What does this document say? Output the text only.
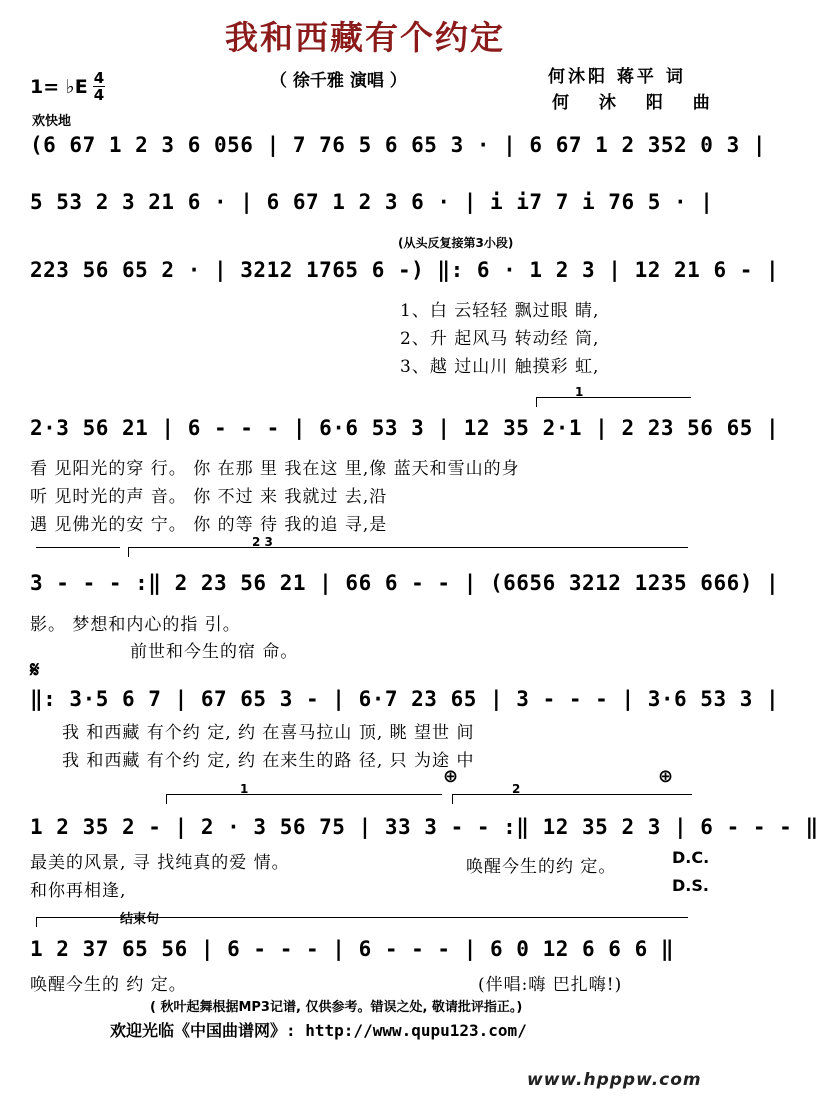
我和西藏有个约定
（ 徐千雅 演唱 ）	何沐阳 蒋平 词
何 沐 阳 曲
1= ♭E 4
4
欢快地
(6 67 1 2 3 6 056 | 7 76 5 6 65 3 · | 6 67 1 2 352 0 3 |
5 53 2 3 21 6 · | 6 67 1 2 3 6 · | i i7 7 i 76 5 · |
(从头反复接第3小段)
223 56 65 2 · | 3212 1765 6 -) ‖: 6 · 1 2 3 | 12 21 6 - |
1、白 云轻轻 飘过眼 睛,
2、升 起风马 转动经 筒,
3、越 过山川 触摸彩 虹,
1
2·3 56 21 | 6 - - - | 6·6 53 3 | 12 35 2·1 | 2 23 56 65 |
看 见阳光的穿 行。 你 在那 里 我在这 里,像 蓝天和雪山的身
听 见时光的声 音。 你 不过 来 我就过 去,沿
遇 见佛光的安 宁。 你 的等 待 我的追 寻,是
2 3
3 - - - :‖ 2 23 56 21 | 66 6 - - | (6656 3212 1235 666) |
影。 梦想和内心的指 引。
前世和今生的宿 命。
𝄋
‖: 3·5 6 7 | 67 65 3 - | 6·7 23 65 | 3 - - - | 3·6 53 3 |
我 和西藏 有个约 定, 约 在喜马拉山 顶, 眺 望世 间
我 和西藏 有个约 定, 约 在来生的路 径, 只 为途 中
⊕	⊕
1	2
1 2 35 2 - | 2 · 3 56 75 | 33 3 - - :‖ 12 35 2 3 | 6 - - - ‖
最美的风景, 寻 找纯真的爱 情。
和你再相逢,
唤醒今生的约 定。	D.C.
D.S.
结束句
1 2 37 65 56 | 6 - - - | 6 - - - | 6 0 12 6 6 6 ‖
唤醒今生的 约 定。	(伴唱:嗨 巴扎嗨!)
( 秋叶起舞根据MP3记谱, 仅供参考。错误之处, 敬请批评指正。)
欢迎光临《中国曲谱网》: http://www.qupu123.com/
www.hpppw.com
